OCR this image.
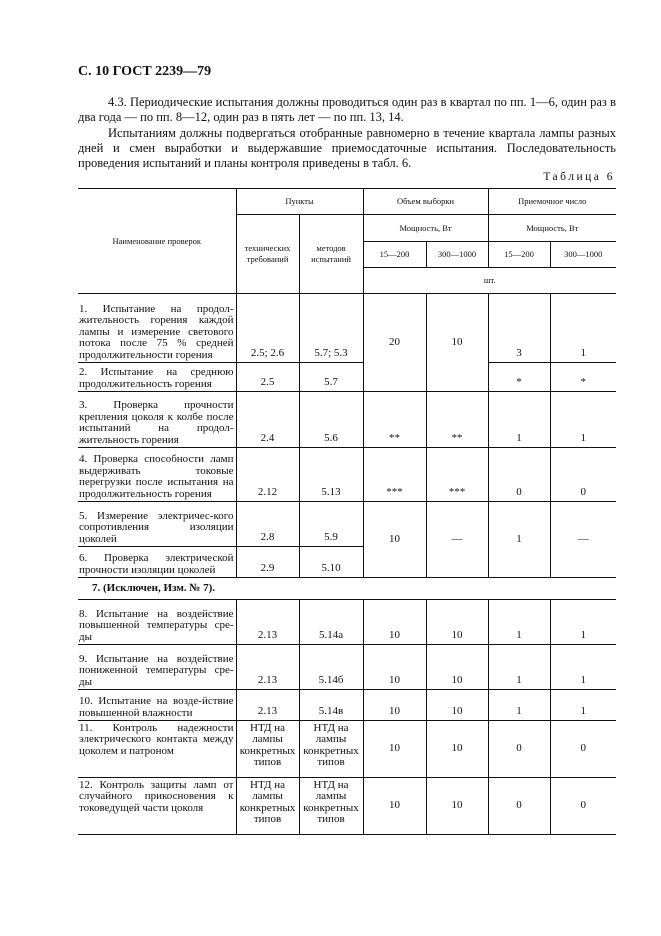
С. 10 ГОСТ 2239—79
4.3. Периодические испытания должны проводиться один раз в квартал по пп. 1—6, один раз в два года — по пп. 8—12, один раз в пять лет — по пп. 13, 14.
Испытаниям должны подвергаться отобранные равномерно в течение квартала лампы разных дней и смен выработки и выдержавшие приемосдаточные испытания. Последовательность проведения испытаний и планы контроля приведены в табл. 6.
Таблица 6
Наименование проверок	Пункты		Объем выборки		Приемочное число	
	технических требований	методов испытаний	Мощность, Вт		Мощность, Вт	
			15—200	300—1000	15—200	300—1000
			шт.			
1. Испытание на продол-жительность горения каждой лампы и измерение светового потока после 75 % средней продолжительности горения	2.5; 2.6	5.7; 5.3	20	10	3	1
2. Испытание на среднюю продолжительность горения	2.5	5.7			*	*
3. Проверка прочности крепления цоколя к колбе после испытаний на продол-жительность горения	2.4	5.6	**	**	1	1
4. Проверка способности ламп выдерживать токовые перегрузки после испытания на продолжительность горения	2.12	5.13	***	***	0	0
5. Измерение электричес-кого сопротивления изоляции цоколей	2.8	5.9	10	—	1	—
6. Проверка электрической прочности изоляции цоколей	2.9	5.10				
7. (Исключен, Изм. № 7).						
8. Испытание на воздействие повышенной температуры сре-ды	2.13	5.14а	10	10	1	1
9. Испытание на воздействие пониженной температуры сре-ды	2.13	5.14б	10	10	1	1
10. Испытание на возде-йствие повышенной влажности	2.13	5.14в	10	10	1	1
11. Контроль надежности электрического контакта между цоколем и патроном	НТД на лампы конкретных типов	НТД на лампы конкретных типов	10	10	0	0
12. Контроль защиты ламп от случайного прикосновения к токоведущей части цоколя	НТД на лампы конкретных типов	НТД на лампы конкретных типов	10	10	0	0
